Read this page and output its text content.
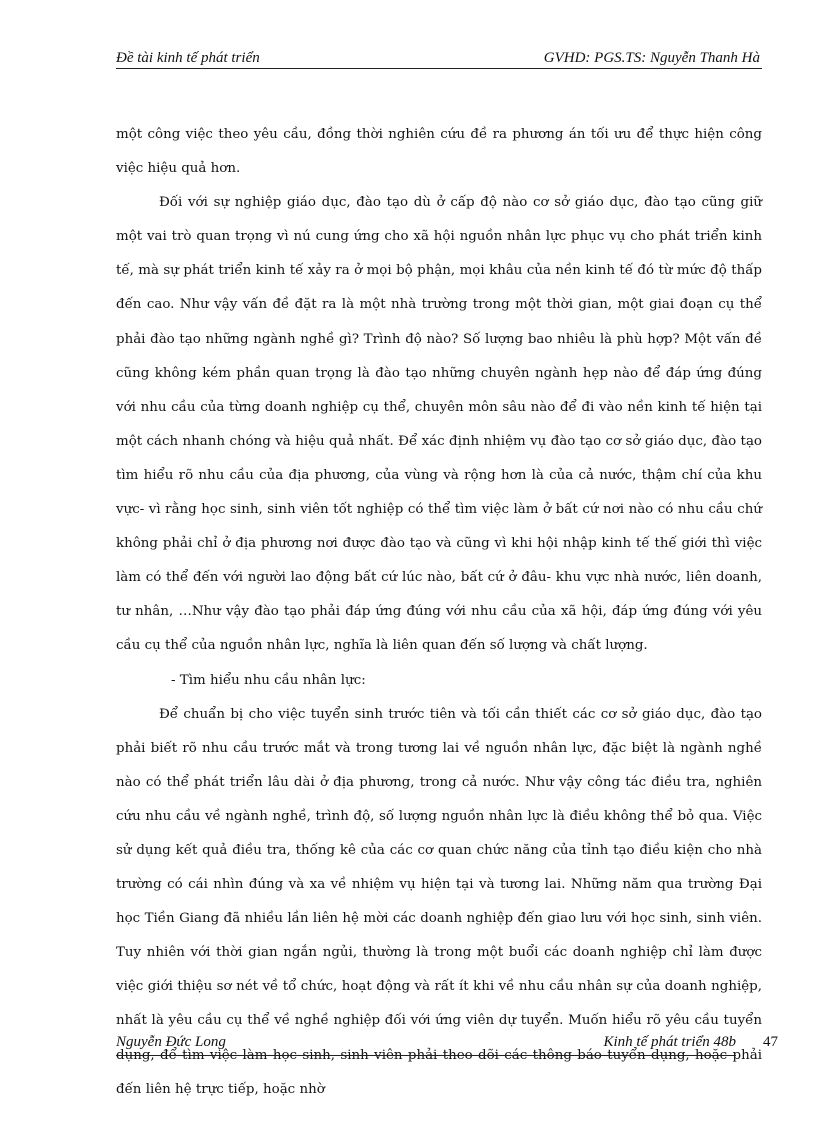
Đề tài kinh tế phát triển	GVHD: PGS.TS: Nguyễn Thanh Hà

một công việc theo yêu cầu, đồng thời nghiên cứu đề ra phương án tối ưu để thực hiện công việc hiệu quả hơn.

Đối với sự nghiệp giáo dục, đào tạo dù ở cấp độ nào cơ sở giáo dục, đào tạo cũng giữ một vai trò quan trọng vì nú cung ứng cho xã hội nguồn nhân lực phục vụ cho phát triển kinh tế, mà sự phát triển kinh tế xảy ra ở mọi bộ phận, mọi khâu của nền kinh tế đó từ mức độ thấp đến cao. Như vậy vấn đề đặt ra là một nhà trường trong một thời gian, một giai đoạn cụ thể phải đào tạo những ngành nghề gì? Trình độ nào? Số lượng bao nhiêu là phù hợp? Một vấn đề cũng không kém phần quan trọng là đào tạo những chuyên ngành hẹp nào để đáp ứng đúng với nhu cầu của từng doanh nghiệp cụ thể, chuyên môn sâu nào để đi vào nền kinh tế hiện tại một cách nhanh chóng và hiệu quả nhất. Để xác định nhiệm vụ đào tạo cơ sở giáo dục, đào tạo tìm hiểu rõ nhu cầu của địa phương, của vùng và rộng hơn là của cả nước, thậm chí của khu vực- vì rằng học sinh, sinh viên tốt nghiệp có thể tìm việc làm ở bất cứ nơi nào có nhu cầu chứ không phải chỉ ở địa phương nơi được đào tạo và cũng vì khi hội nhập kinh tế thế giới thì việc làm có thể đến với người lao động bất cứ lúc nào, bất cứ ở đâu- khu vực nhà nước, liên doanh, tư nhân, …Như vậy đào tạo phải đáp ứng đúng với nhu cầu của xã hội, đáp ứng đúng với yêu cầu cụ thể của nguồn nhân lực, nghĩa là liên quan đến số lượng và chất lượng.

- Tìm hiểu nhu cầu nhân lực:

Để chuẩn bị cho việc tuyển sinh trước tiên và tối cần thiết các cơ sở giáo dục, đào tạo phải biết rõ nhu cầu trước mắt và trong tương lai về nguồn nhân lực, đặc biệt là ngành nghề nào có thể phát triển lâu dài ở địa phương, trong cả nước. Như vậy công tác điều tra, nghiên cứu nhu cầu về ngành nghề, trình độ, số lượng nguồn nhân lực là điều không thể bỏ qua. Việc sử dụng kết quả điều tra, thống kê của các cơ quan chức năng của tỉnh tạo điều kiện cho nhà trường có cái nhìn đúng và xa về nhiệm vụ hiện tại và tương lai. Những năm qua trường Đại học Tiền Giang đã nhiều lần liên hệ mời các doanh nghiệp đến giao lưu với học sinh, sinh viên. Tuy nhiên với thời gian ngắn ngủi, thường là trong một buổi các doanh nghiệp chỉ làm được việc giới thiệu sơ nét về tổ chức, hoạt động và rất ít khi về nhu cầu nhân sự của doanh nghiệp, nhất là yêu cầu cụ thể về nghề nghiệp đối với ứng viên dự tuyển. Muốn hiểu rõ yêu cầu tuyển dụng, để tìm việc làm học sinh, sinh viên phải theo dõi các thông báo tuyển dụng, hoặc phải đến liên hệ trực tiếp, hoặc nhờ

Nguyễn Đức Long	Kinh tế phát triển 48b	47
